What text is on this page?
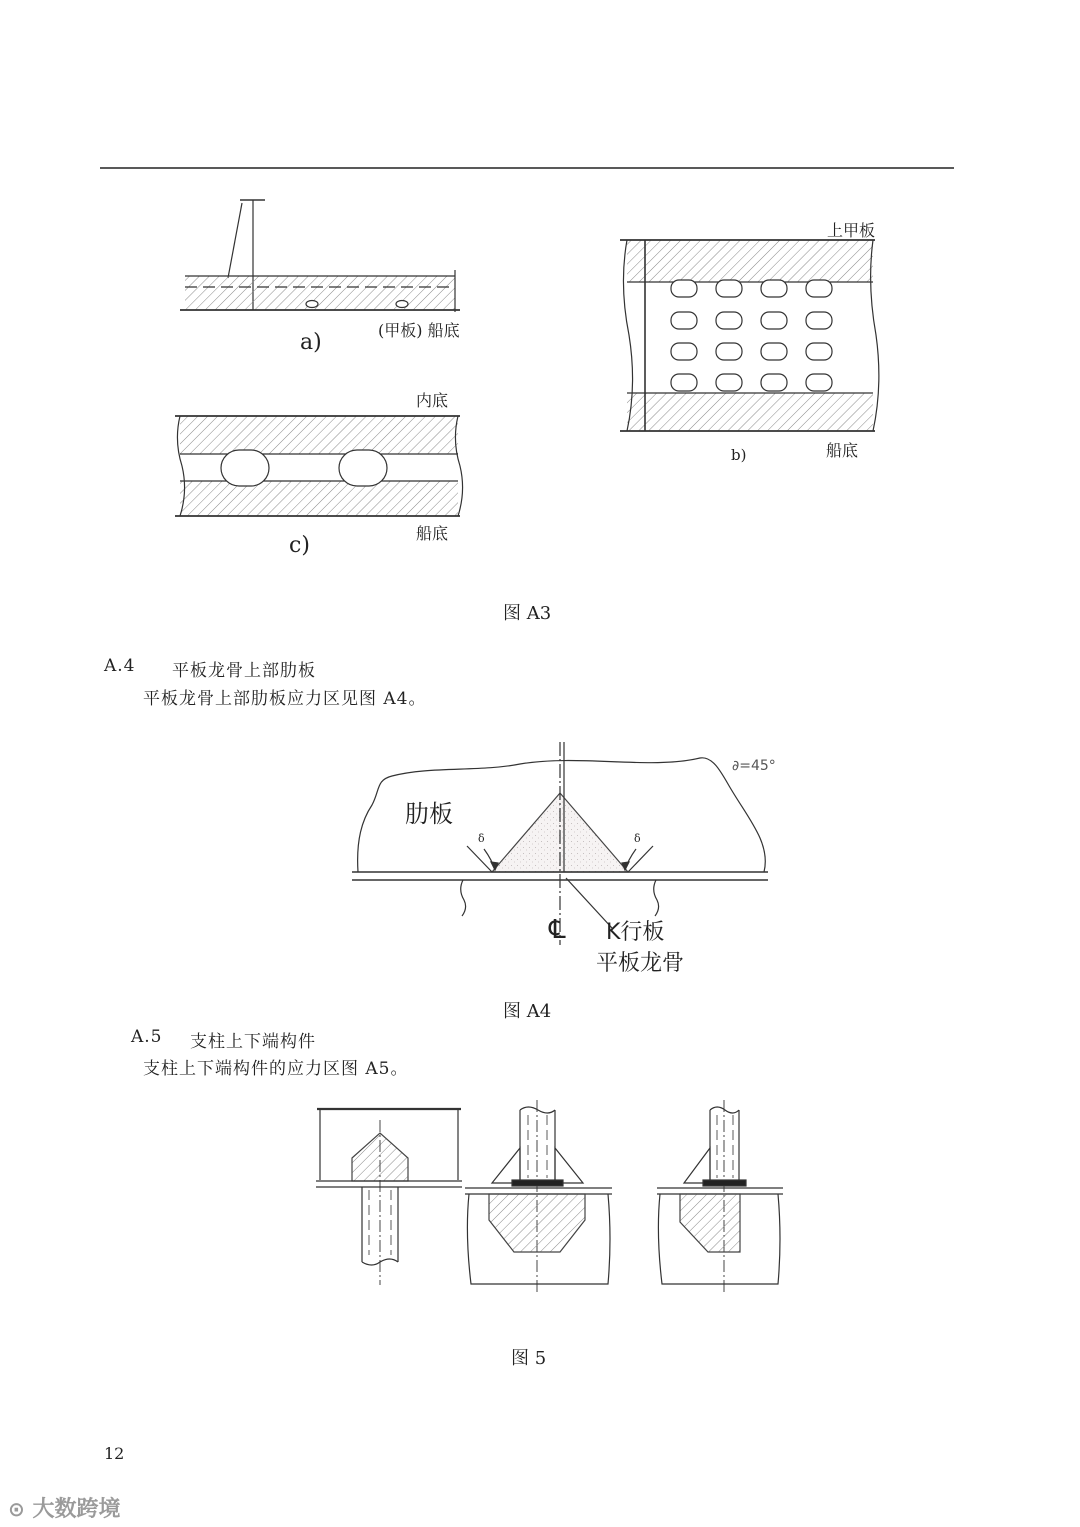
a)	(甲板) 船底
上甲板
船底
b)
内底
船底
c)
图 A3
A.4 平板龙骨上部肋板
平板龙骨上部肋板应力区见图 A4。
肋板
∂=45°
δ	δ
℄ K行板
平板龙骨
图 A4
A.5 支柱上下端构件
支柱上下端构件的应力区图 A5。
图 5
12
⊙ 大数跨境
